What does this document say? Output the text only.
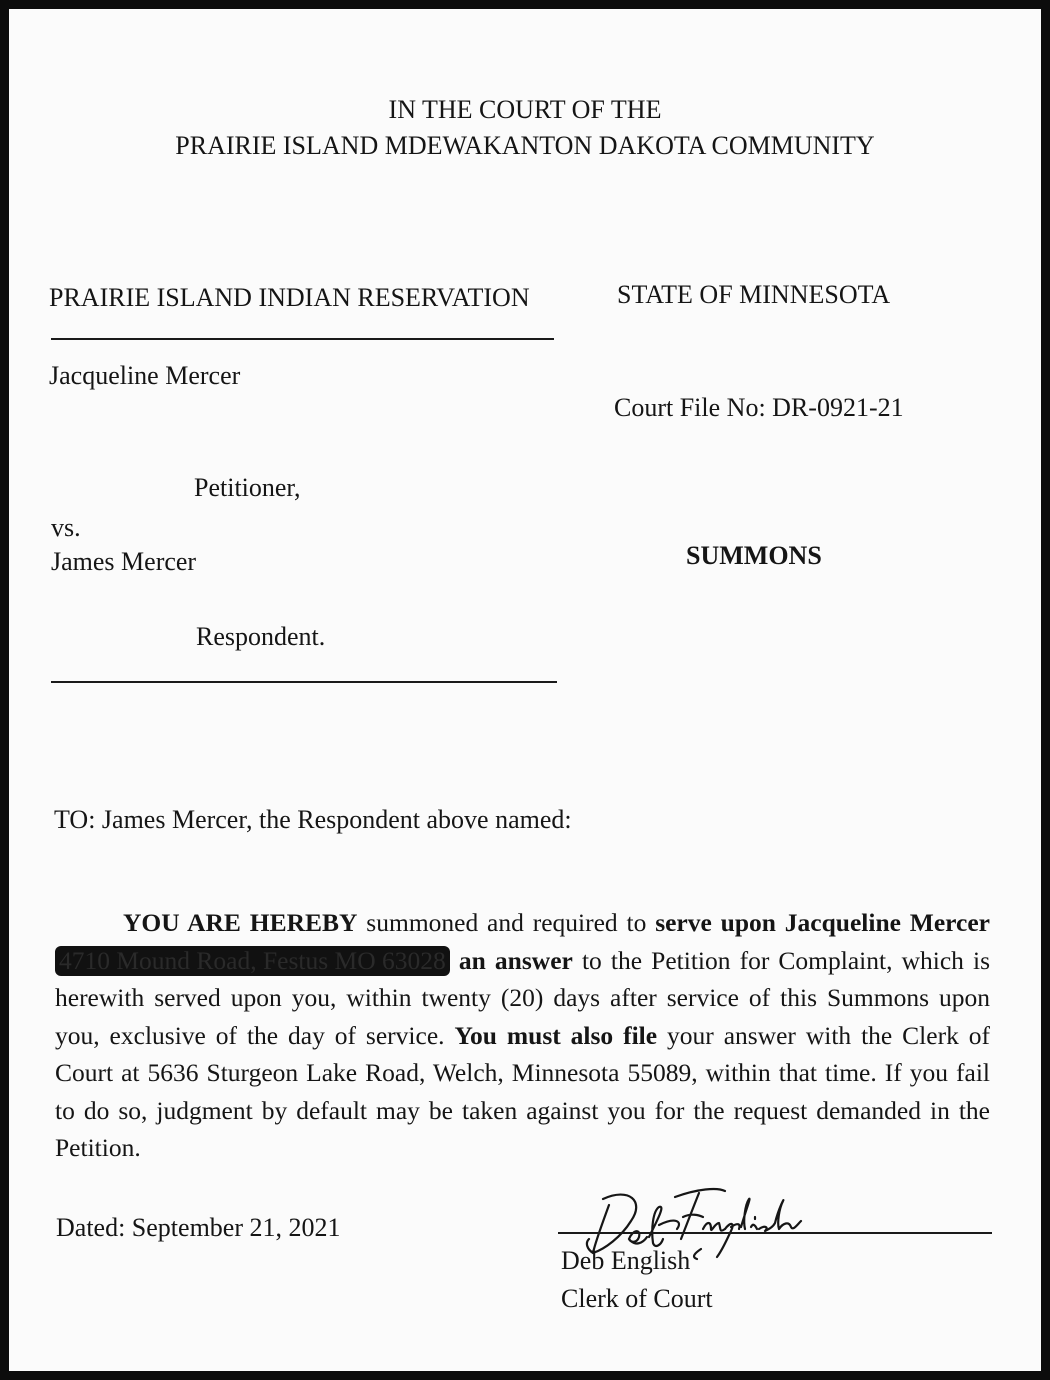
IN THE COURT OF THE
PRAIRIE ISLAND MDEWAKANTON DAKOTA COMMUNITY
PRAIRIE ISLAND INDIAN RESERVATION	STATE OF MINNESOTA
Jacqueline Mercer
Court File No: DR-0921-21
Petitioner,
vs.
James Mercer	SUMMONS
Respondent.
TO: James Mercer, the Respondent above named:

YOU ARE HEREBY summoned and required to serve upon Jacqueline Mercer 4710 Mound Road, Festus MO 63028 an answer to the Petition for Complaint, which is herewith served upon you, within twenty (20) days after service of this Summons upon you, exclusive of the day of service. You must also file your answer with the Clerk of Court at 5636 Sturgeon Lake Road, Welch, Minnesota 55089, within that time. If you fail to do so, judgment by default may be taken against you for the request demanded in the Petition.

Dated: September 21, 2021
Deb English
Clerk of Court
